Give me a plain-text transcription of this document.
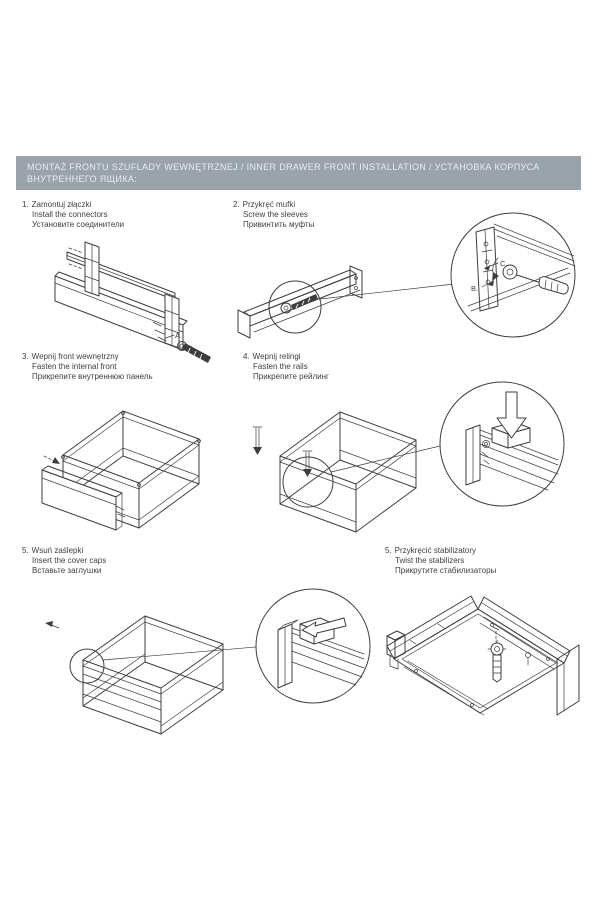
MONTAŻ FRONTU SZUFLADY WEWNĘTRZNEJ / INNER DRAWER FRONT INSTALLATION / УСТАНОВКА КОРПУСА
ВНУТРЕННЕГО ЯЩИКА:
1. Zamontuj złączki
Install the connectors
Установите соединители
2. Przykręć mufki
Screw the sleeves
Привинтить муфты
3. Wepnij front wewnętrzny
Fasten the internal front
Прикрепите внутреннюю панель
4. Wepnij relingi
Fasten the rails
Прикрепите рейлинг
5. Wsuń zaślepki
Insert the cover caps
Вставьте заглушки
5. Przykręcić stabilizatory
Twist the stabilizers
Прикрутите стабилизаторы
A.
C.
B.
